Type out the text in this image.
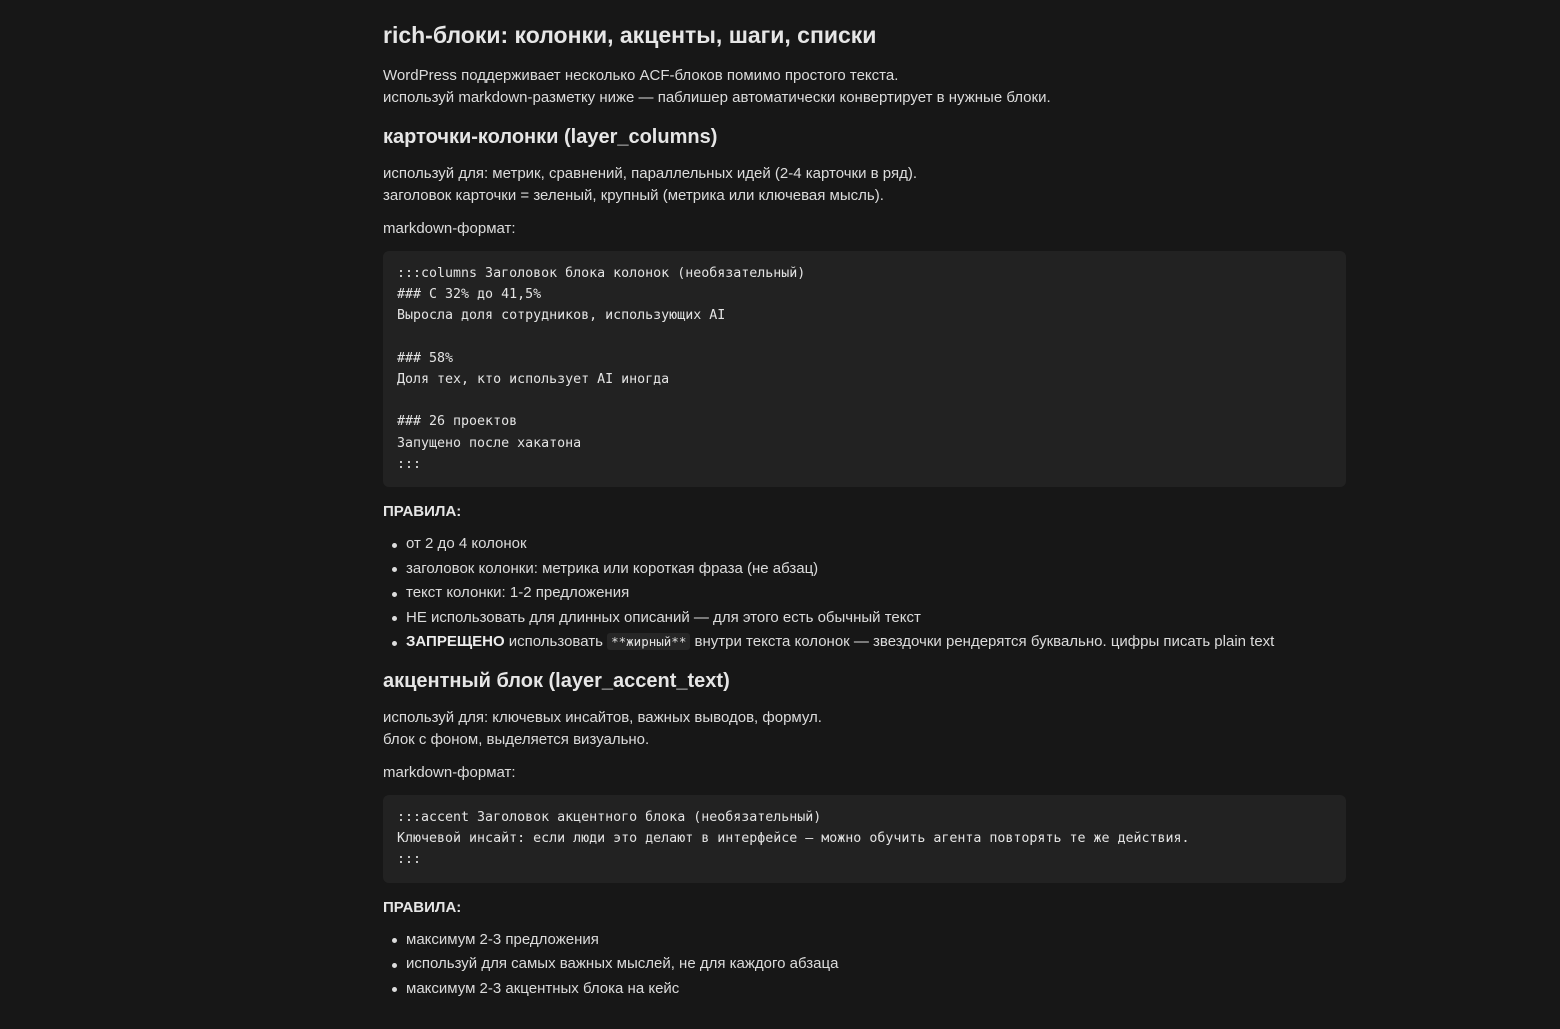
rich-блоки: колонки, акценты, шаги, списки

WordPress поддерживает несколько ACF-блоков помимо простого текста.
используй markdown-разметку ниже — паблишер автоматически конвертирует в нужные блоки.

карточки-колонки (layer_columns)

используй для: метрик, сравнений, параллельных идей (2-4 карточки в ряд).
заголовок карточки = зеленый, крупный (метрика или ключевая мысль).

markdown-формат:

:::columns Заголовок блока колонок (необязательный)
### С 32% до 41,5%
Выросла доля сотрудников, использующих AI

### 58%
Доля тех, кто использует AI иногда

### 26 проектов
Запущено после хакатона
:::
ПРАВИЛА:
от 2 до 4 колонок
заголовок колонки: метрика или короткая фраза (не абзац)
текст колонки: 1-2 предложения
НЕ использовать для длинных описаний — для этого есть обычный текст
ЗАПРЕЩЕНО использовать **жирный** внутри текста колонок — звездочки рендерятся буквально. цифры писать plain text
акцентный блок (layer_accent_text)

используй для: ключевых инсайтов, важных выводов, формул.
блок с фоном, выделяется визуально.

markdown-формат:

:::accent Заголовок акцентного блока (необязательный)
Ключевой инсайт: если люди это делают в интерфейсе — можно обучить агента повторять те же действия.
:::
ПРАВИЛА:
максимум 2-3 предложения
используй для самых важных мыслей, не для каждого абзаца
максимум 2-3 акцентных блока на кейс
